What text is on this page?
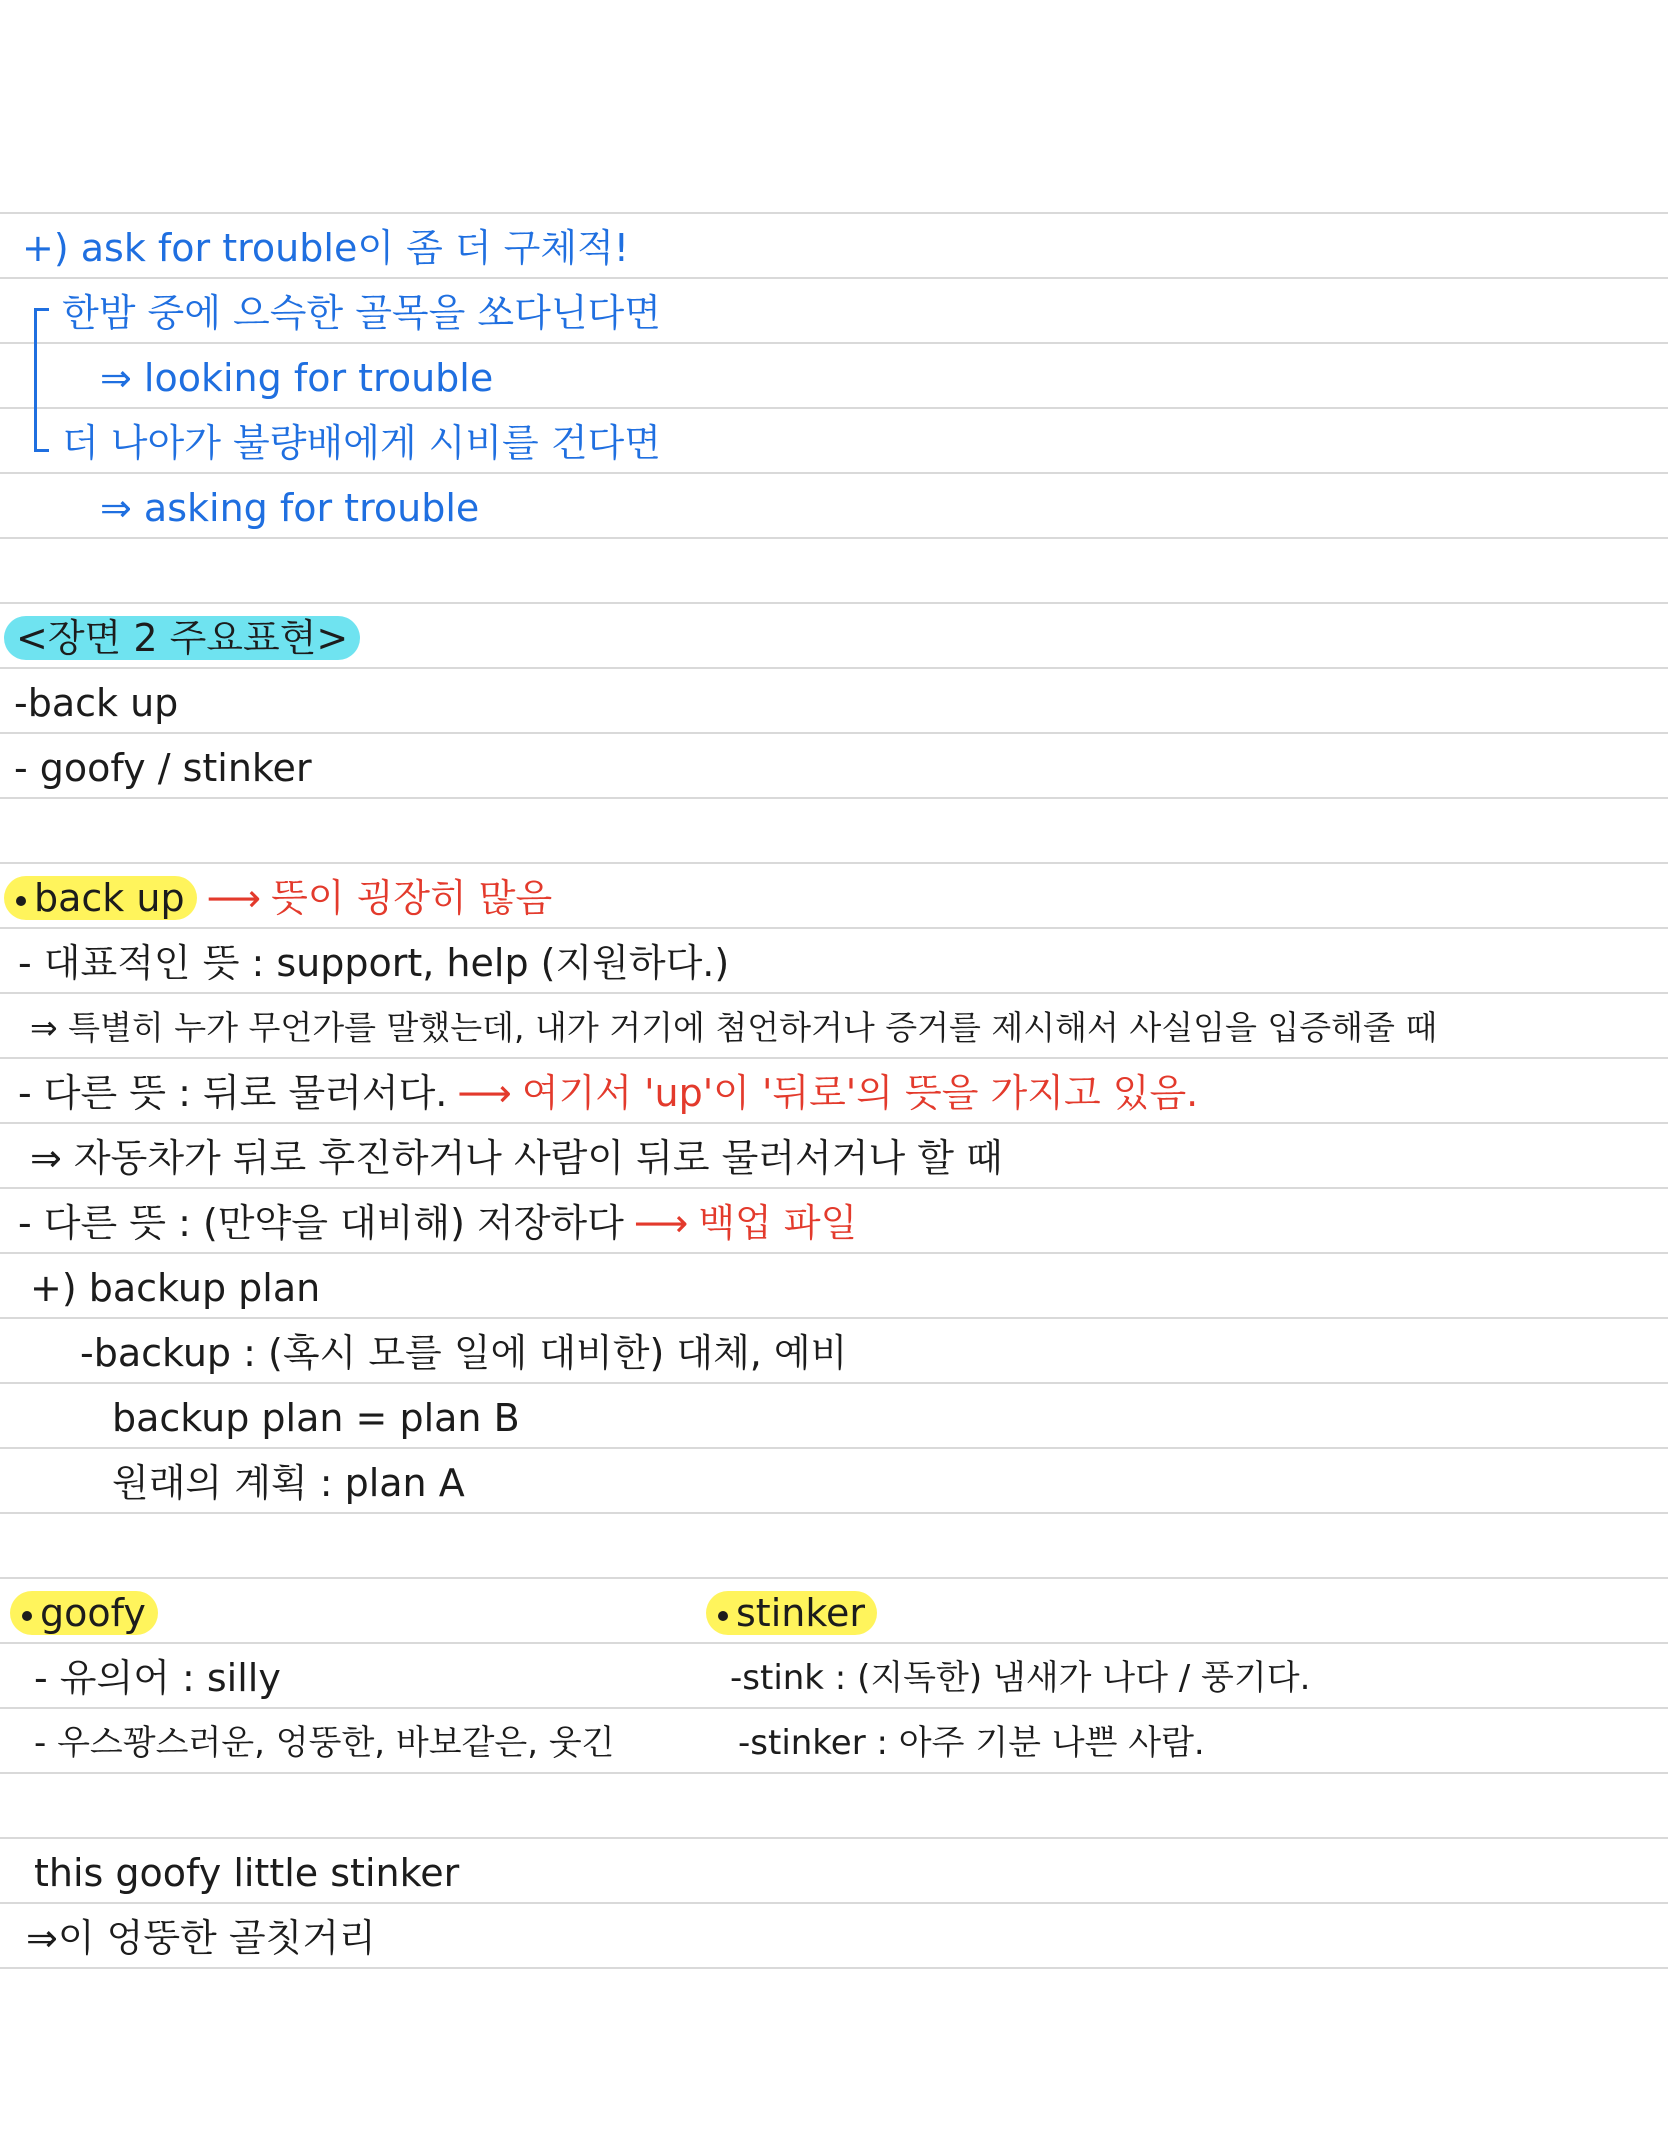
+) ask for trouble이 좀 더 구체적!
한밤 중에 으슥한 골목을 쏘다닌다면
⇒ looking for trouble
더 나아가 불량배에게 시비를 건다면
⇒ asking for trouble
<장면 2 주요표현>
-back up
- goofy / stinker
back up ⟶ 뜻이 굉장히 많음
- 대표적인 뜻 : support, help (지원하다.)
⇒ 특별히 누가 무언가를 말했는데, 내가 거기에 첨언하거나 증거를 제시해서 사실임을 입증해줄 때
- 다른 뜻 : 뒤로 물러서다. ⟶ 여기서 'up'이 '뒤로'의 뜻을 가지고 있음.
⇒ 자동차가 뒤로 후진하거나 사람이 뒤로 물러서거나 할 때
- 다른 뜻 : (만약을 대비해) 저장하다 ⟶ 백업 파일
+) backup plan
-backup : (혹시 모를 일에 대비한) 대체, 예비
backup plan = plan B
원래의 계획 : plan A
goofy
- 유의어 : silly
- 우스꽝스러운, 엉뚱한, 바보같은, 웃긴
stinker
-stink : (지독한) 냄새가 나다 / 풍기다.
-stinker : 아주 기분 나쁜 사람.
this goofy little stinker
⇒이 엉뚱한 골칫거리
